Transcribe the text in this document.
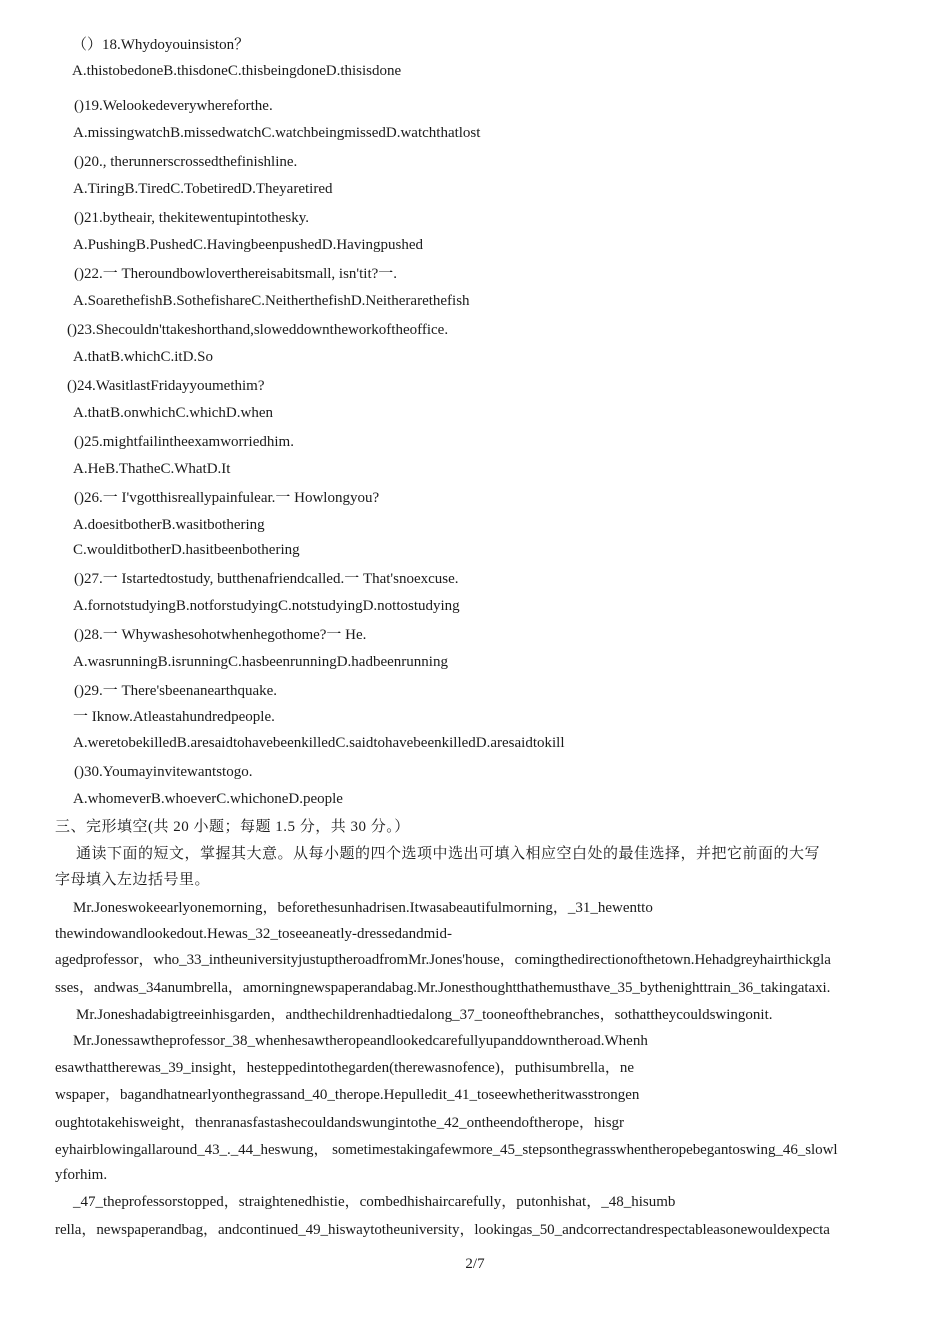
（）18.Whydoyouinsiston？
A.thistobedoneB.thisdoneC.thisbeingdoneD.thisisdone
()19.Welookedeverywhereforthe.
A.missingwatchB.missedwatchC.watchbeingmissedD.watchthatlost
()20., therunnerscrossedthefinishline.
A.TiringB.TiredC.TobetiredD.Theyaretired
()21.bytheair, thekitewentupintothesky.
A.PushingB.PushedC.HavingbeenpushedD.Havingpushed
()22.一 Theroundbowloverthereisabitsmall, isn'tit?一.
A.SoarethefishB.SothefishareC.NeitherthefishD.Neitherarethefish
()23.Shecouldn'ttakeshorthand,sloweddowntheworkoftheoffice.
A.thatB.whichC.itD.So
()24.WasitlastFridayyoumethim?
A.thatB.onwhichC.whichD.when
()25.mightfailintheexamworriedhim.
A.HeB.ThatheC.WhatD.It
()26.一 I'vgotthisreallypainfulear.一 Howlongyou?
A.doesitbotherB.wasitbothering
C.woulditbotherD.hasitbeenbothering
()27.一 Istartedtostudy, butthenafriendcalled.一 That'snoexcuse.
A.fornotstudyingB.notforstudyingC.notstudyingD.nottostudying
()28.一 Whywashesohotwhenhegothome?一 He.
A.wasrunningB.isrunningC.hasbeenrunningD.hadbeenrunning
()29.一 There'sbeenanearthquake.
一 Iknow.Atleastahundredpeople.
A.weretobekilledB.aresaidtohavebeenkilledC.saidtohavebeenkilledD.aresaidtokill
()30.Youmayinvitewantstogo.
A.whomeverB.whoeverC.whichoneD.people
三、完形填空(共 20 小题；每题 1.5 分，共 30 分。）
通读下面的短文，掌握其大意。从每小题的四个选项中选出可填入相应空白处的最佳选择，并把它前面的大写
字母填入左边括号里。
Mr.Joneswokeearlyonemorning，beforethesunhadrisen.Itwasabeautifulmorning，_31_hewentto
thewindowandlookedout.Hewas_32_toseeaneatly-dressedandmid-
agedprofessor，who_33_intheuniversityjustuptheroadfromMr.Jones'house，comingthedirectionofthetown.Hehadgreyhairthickgla
sses，andwas_34anumbrella，amorningnewspaperandabag.Mr.Jonesthoughtthathemusthave_35_bythenighttrain_36_takingataxi.
Mr.Joneshadabigtreeinhisgarden，andthechildrenhadtiedalong_37_tooneofthebranches，sothattheycouldswingonit.
Mr.Jonessawtheprofessor_38_whenhesawtheropeandlookedcarefullyupanddowntheroad.Whenh
esawthattherewas_39_insight，hesteppedintothegarden(therewasnofence)，puthisumbrella，ne
wspaper，bagandhatnearlyonthegrassand_40_therope.Hepulledit_41_toseewhetheritwasstrongen
oughtotakehisweight，thenranasfastashecouldandswungintothe_42_ontheendoftherope，hisgr
eyhairblowingallaround_43_._44_heswung， sometimestakingafewmore_45_stepsonthegrasswhentheropebegantoswing_46_slowl
yforhim.
_47_theprofessorstopped，straightenedhistie，combedhishaircarefully，putonhishat，_48_hisumb
rella，newspaperandbag，andcontinued_49_hiswaytotheuniversity，lookingas_50_andcorrectandrespectableasonewouldexpecta
2/7
